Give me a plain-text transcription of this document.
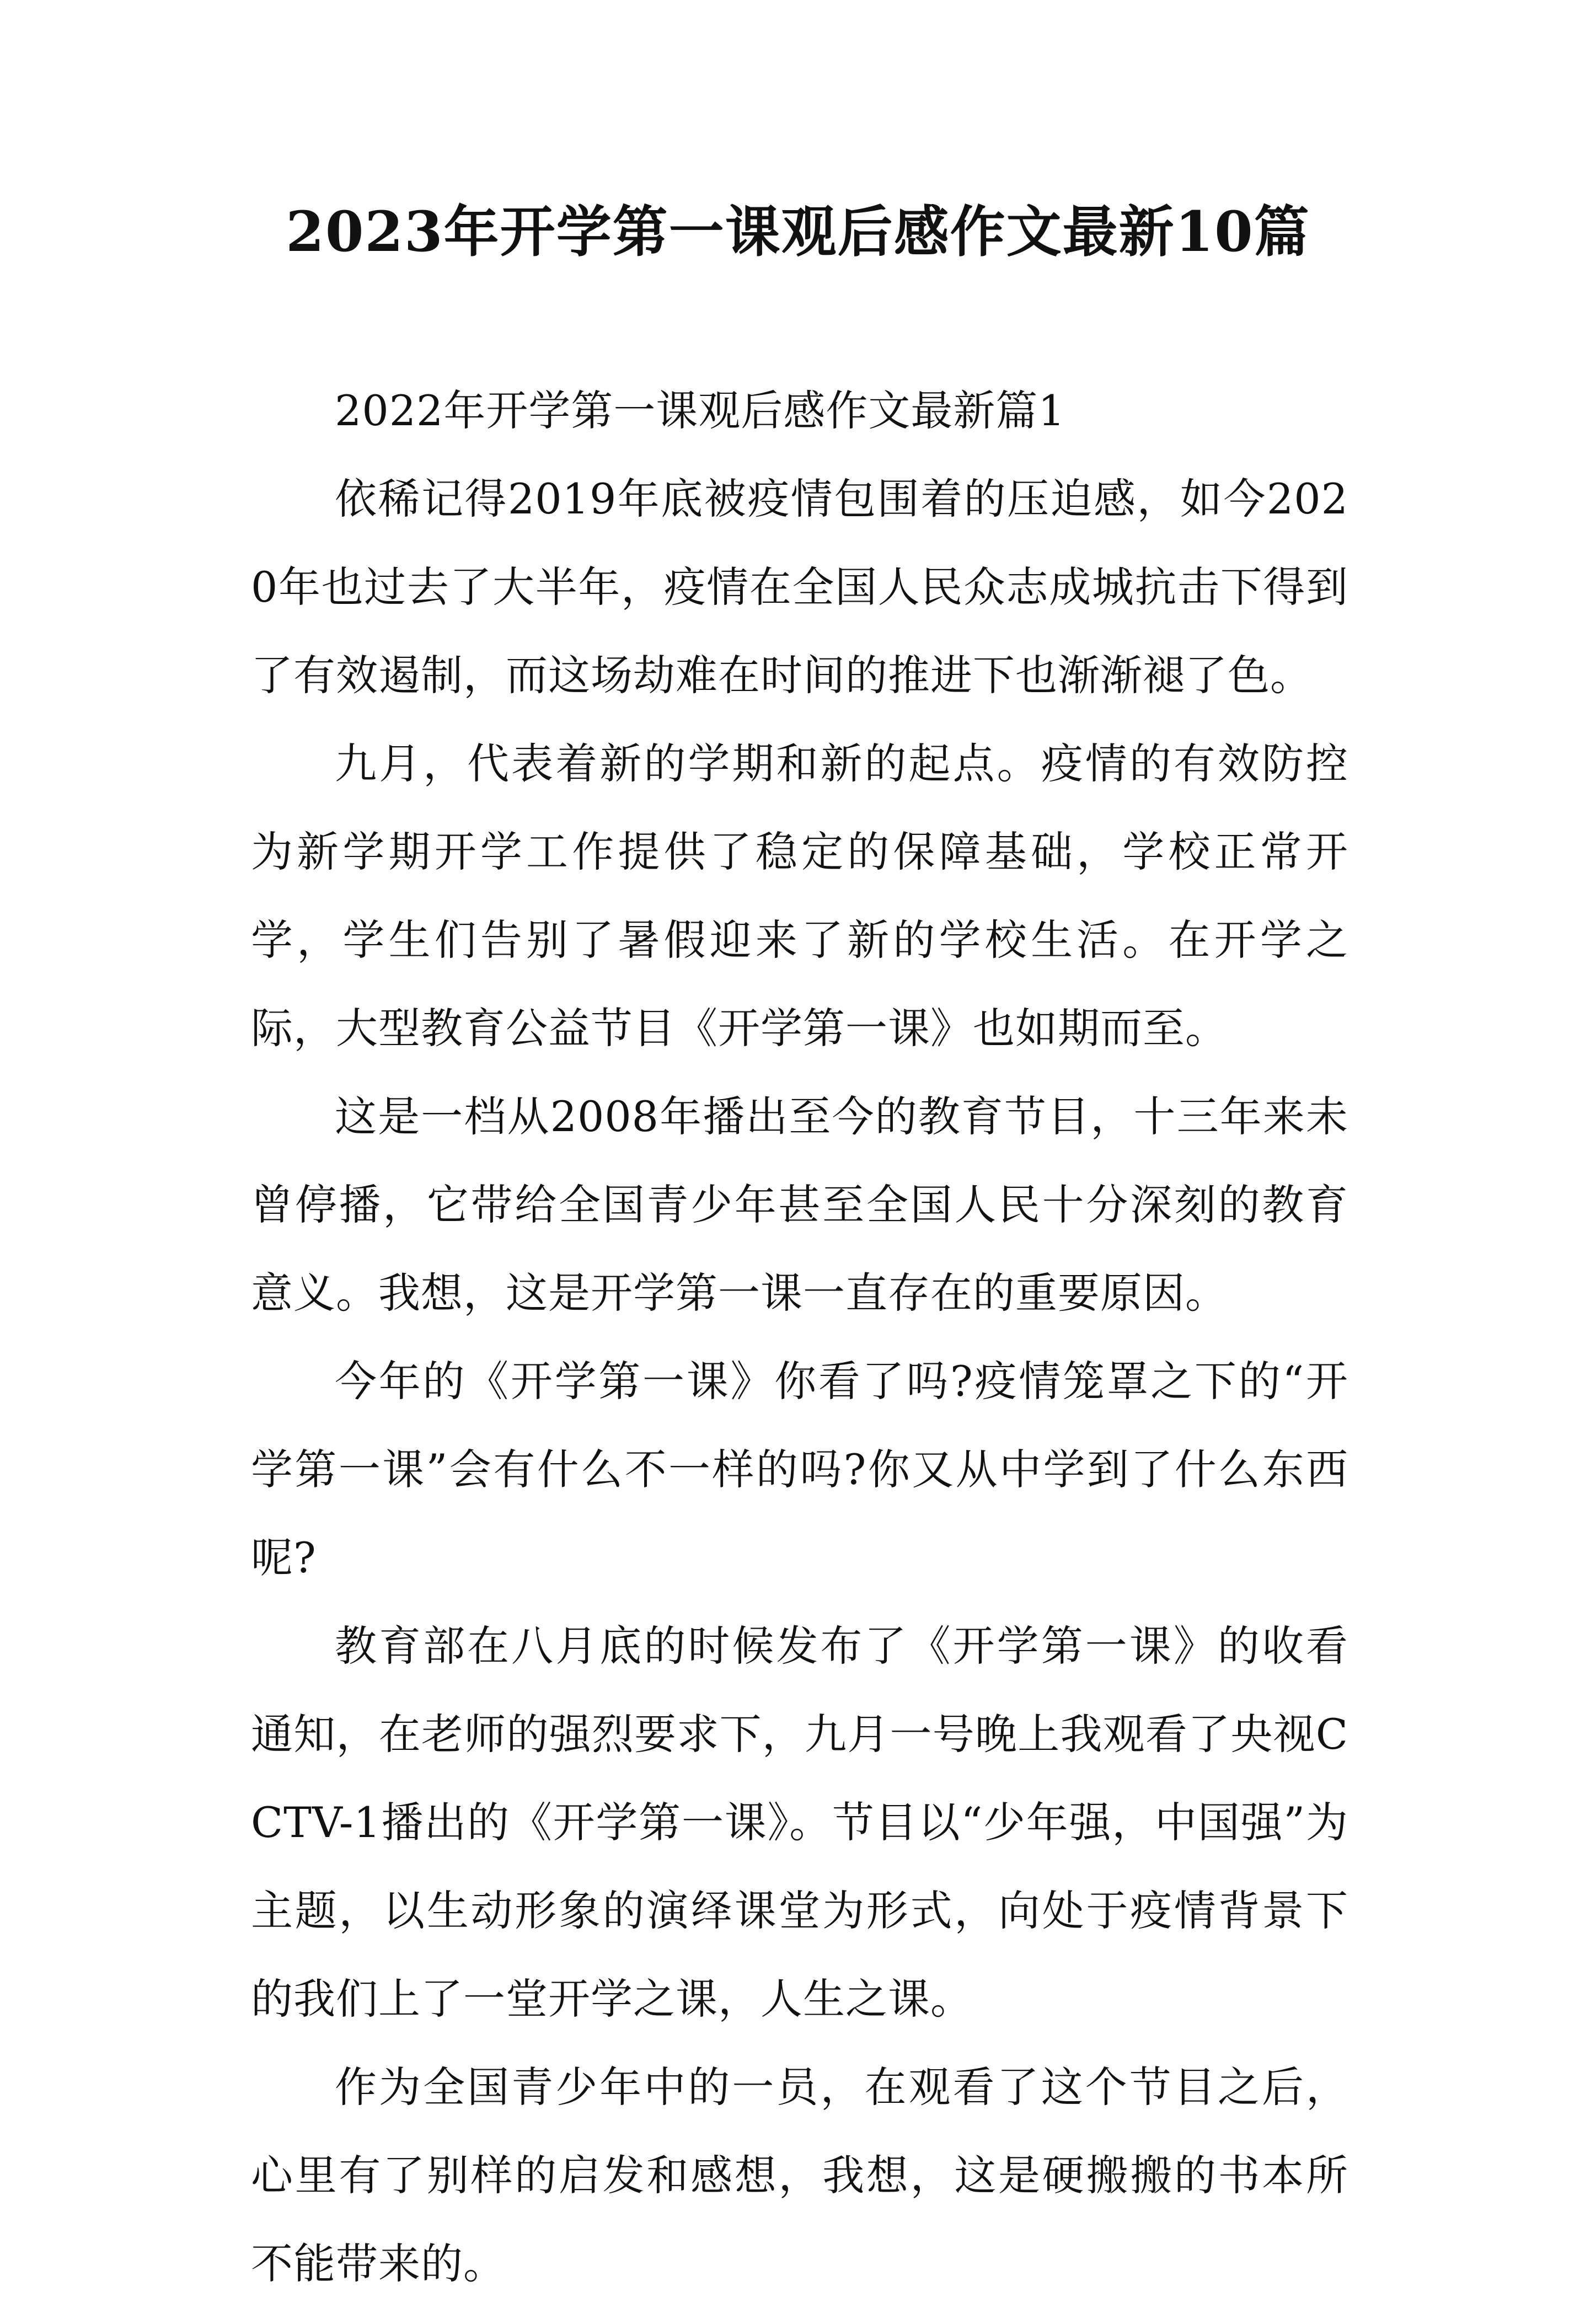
2023年开学第一课观后感作文最新10篇

2022年开学第一课观后感作文最新篇1

依稀记得2019年底被疫情包围着的压迫感，如今2020年也过去了大半年，疫情在全国人民众志成城抗击下得到了有效遏制，而这场劫难在时间的推进下也渐渐褪了色。

九月，代表着新的学期和新的起点。疫情的有效防控为新学期开学工作提供了稳定的保障基础，学校正常开学，学生们告别了暑假迎来了新的学校生活。在开学之际，大型教育公益节目《开学第一课》也如期而至。

这是一档从2008年播出至今的教育节目，十三年来未曾停播，它带给全国青少年甚至全国人民十分深刻的教育意义。我想，这是开学第一课一直存在的重要原因。

今年的《开学第一课》你看了吗?疫情笼罩之下的“开学第一课”会有什么不一样的吗?你又从中学到了什么东西呢?

教育部在八月底的时候发布了《开学第一课》的收看通知，在老师的强烈要求下，九月一号晚上我观看了央视CCTV-1播出的《开学第一课》。节目以“少年强，中国强”为主题，以生动形象的演绎课堂为形式，向处于疫情背景下的我们上了一堂开学之课，人生之课。

作为全国青少年中的一员，在观看了这个节目之后，心里有了别样的启发和感想，我想，这是硬搬搬的书本所不能带来的。
